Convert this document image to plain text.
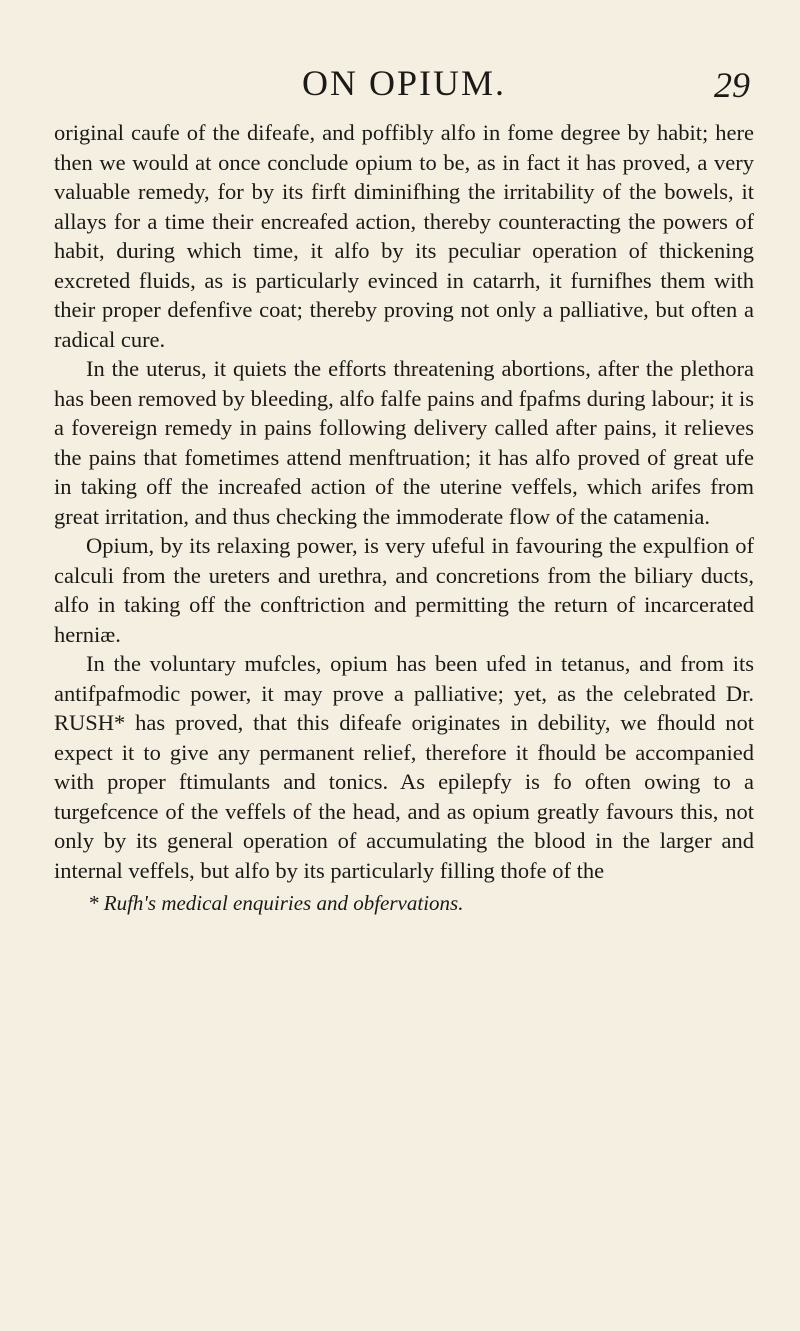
ON OPIUM.	29

original caufe of the difeafe, and poffibly alfo in fome degree by habit; here then we would at once conclude opium to be, as in fact it has proved, a very valuable remedy, for by its firft diminifhing the irritability of the bowels, it allays for a time their encreafed action, thereby counteracting the powers of habit, during which time, it alfo by its peculiar operation of thickening excreted fluids, as is particularly evinced in catarrh, it furnifhes them with their proper defenfive coat; thereby proving not only a palliative, but often a radical cure.

In the uterus, it quiets the efforts threatening abortions, after the plethora has been removed by bleeding, alfo falfe pains and fpafms during labour; it is a fovereign remedy in pains following delivery called after pains, it relieves the pains that fometimes attend menftruation; it has alfo proved of great ufe in taking off the increafed action of the uterine veffels, which arifes from great irritation, and thus checking the immoderate flow of the catamenia.

Opium, by its relaxing power, is very ufeful in favouring the expulfion of calculi from the ureters and urethra, and concretions from the biliary ducts, alfo in taking off the conftriction and permitting the return of incarcerated herniæ.

In the voluntary mufcles, opium has been ufed in tetanus, and from its antifpafmodic power, it may prove a palliative; yet, as the celebrated Dr. RUSH* has proved, that this difeafe originates in debility, we fhould not expect it to give any permanent relief, therefore it fhould be accompanied with proper ftimulants and tonics. As epilepfy is fo often owing to a turgefcence of the veffels of the head, and as opium greatly favours this, not only by its general operation of accumulating the blood in the larger and internal veffels, but alfo by its particularly filling thofe of the

* Rufh's medical enquiries and obfervations.
